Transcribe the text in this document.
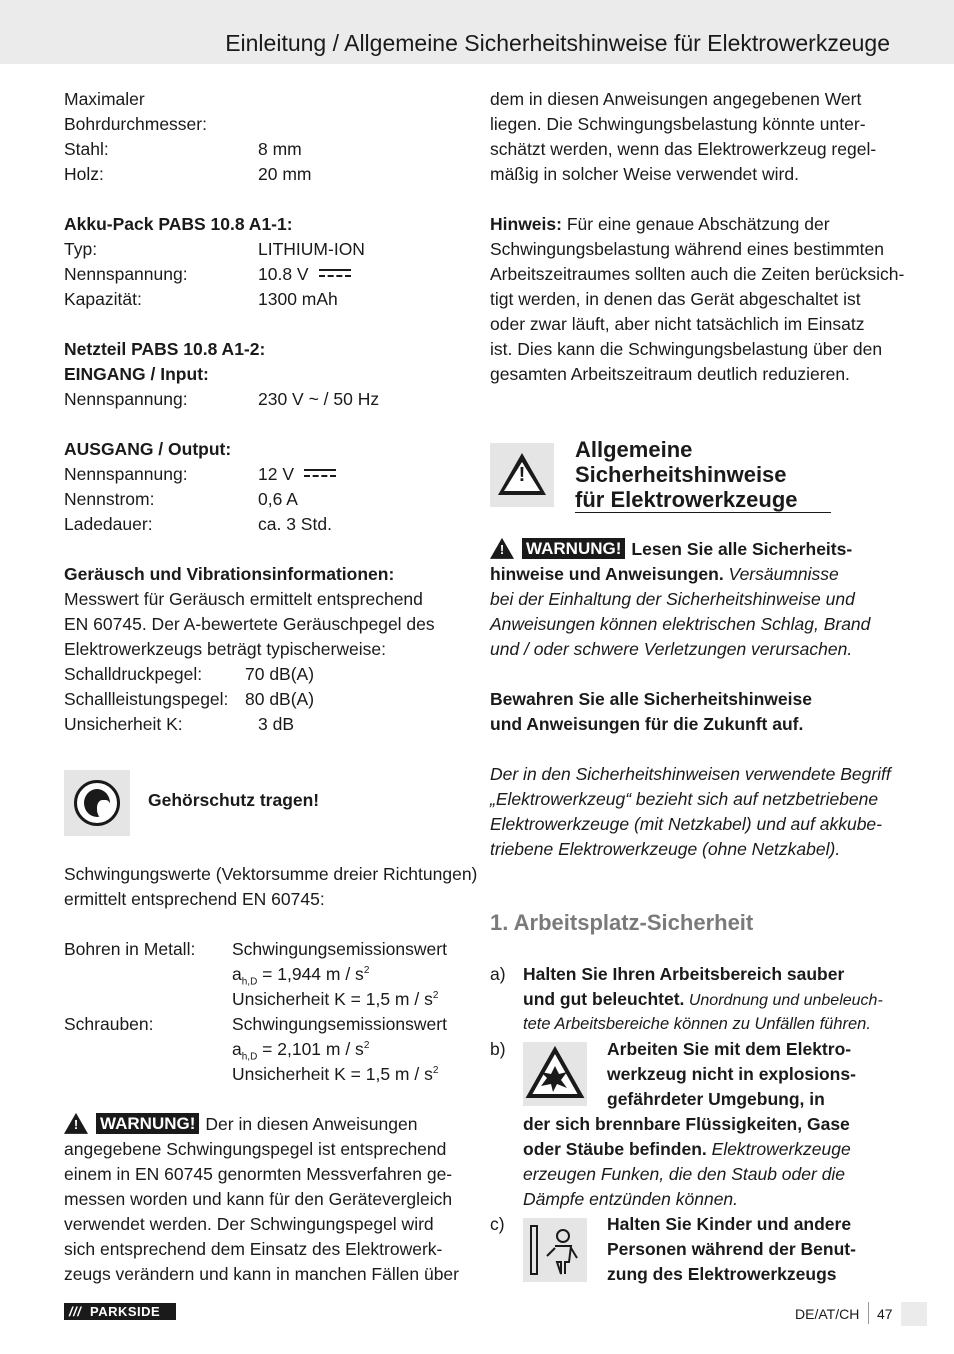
Einleitung / Allgemeine Sicherheitshinweise für Elektrowerkzeuge
Maximaler
Bohrdurchmesser:
Stahl:	8 mm
Holz:	20 mm
Akku-Pack PABS 10.8 A1-1:
Typ:	LITHIUM-ION
Nennspannung:	10.8 V
Kapazität:	1300 mAh
Netzteil PABS 10.8 A1-2:
EINGANG / Input:
Nennspannung:	230 V ~ / 50 Hz
AUSGANG / Output:
Nennspannung:	12 V
Nennstrom:	0,6 A
Ladedauer:	ca. 3 Std.
Geräusch und Vibrationsinformationen:
Messwert für Geräusch ermittelt entsprechend
EN 60745. Der A-bewertete Geräuschpegel des
Elektrowerkzeugs beträgt typischerweise:
Schalldruckpegel: 70 dB(A)
Schallleistungspegel: 80 dB(A)
Unsicherheit K:	3 dB
Gehörschutz tragen!
Schwingungswerte (Vektorsumme dreier Richtungen)
ermittelt entsprechend EN 60745:
Bohren in Metall: Schwingungsemissionswert
$a_{h,D} = 1,944$ m / $s^2$
Unsicherheit K = 1,5 m / $s^2$
Schrauben:	Schwingungsemissionswert
$a_{h,D} = 2,101$ m / $s^2$
Unsicherheit K = 1,5 m / $s^2$
!
WARNUNG! Der in diesen Anweisungen
angegebene Schwingungspegel ist entsprechend
einem in EN 60745 genormten Messverfahren ge-
messen worden und kann für den Gerätevergleich
verwendet werden. Der Schwingungspegel wird
sich entsprechend dem Einsatz des Elektrowerk-
zeugs verändern und kann in manchen Fällen über
dem in diesen Anweisungen angegebenen Wert
liegen. Die Schwingungsbelastung könnte unter-
schätzt werden, wenn das Elektrowerkzeug regel-
mäßig in solcher Weise verwendet wird.
Hinweis: Für eine genaue Abschätzung der
Schwingungsbelastung während eines bestimmten
Arbeitszeitraumes sollten auch die Zeiten berücksich-
tigt werden, in denen das Gerät abgeschaltet ist
oder zwar läuft, aber nicht tatsächlich im Einsatz
ist. Dies kann die Schwingungsbelastung über den
gesamten Arbeitszeitraum deutlich reduzieren.
!
Allgemeine
Sicherheitshinweise
für Elektrowerkzeuge
!
WARNUNG! Lesen Sie alle Sicherheits-
hinweise und Anweisungen. Versäumnisse
bei der Einhaltung der Sicherheitshinweise und
Anweisungen können elektrischen Schlag, Brand
und / oder schwere Verletzungen verursachen.
Bewahren Sie alle Sicherheitshinweise
und Anweisungen für die Zukunft auf.
Der in den Sicherheitshinweisen verwendete Begriff
„Elektrowerkzeug“ bezieht sich auf netzbetriebene
Elektrowerkzeuge (mit Netzkabel) und auf akkube-
triebene Elektrowerkzeuge (ohne Netzkabel).
1. Arbeitsplatz-Sicherheit
a) Halten Sie Ihren Arbeitsbereich sauber
und gut beleuchtet. Unordnung und unbeleuch-
tete Arbeitsbereiche können zu Unfällen führen.
b)	Arbeiten Sie mit dem Elektro-
werkzeug nicht in explosions-
gefährdeter Umgebung, in
der sich brennbare Flüssigkeiten, Gase
oder Stäube befinden. Elektrowerkzeuge
erzeugen Funken, die den Staub oder die
Dämpfe entzünden können.
c)	Halten Sie Kinder und andere
Personen während der Benut-
zung des Elektrowerkzeugs
/// PARKSIDE	DE/AT/CH 47
